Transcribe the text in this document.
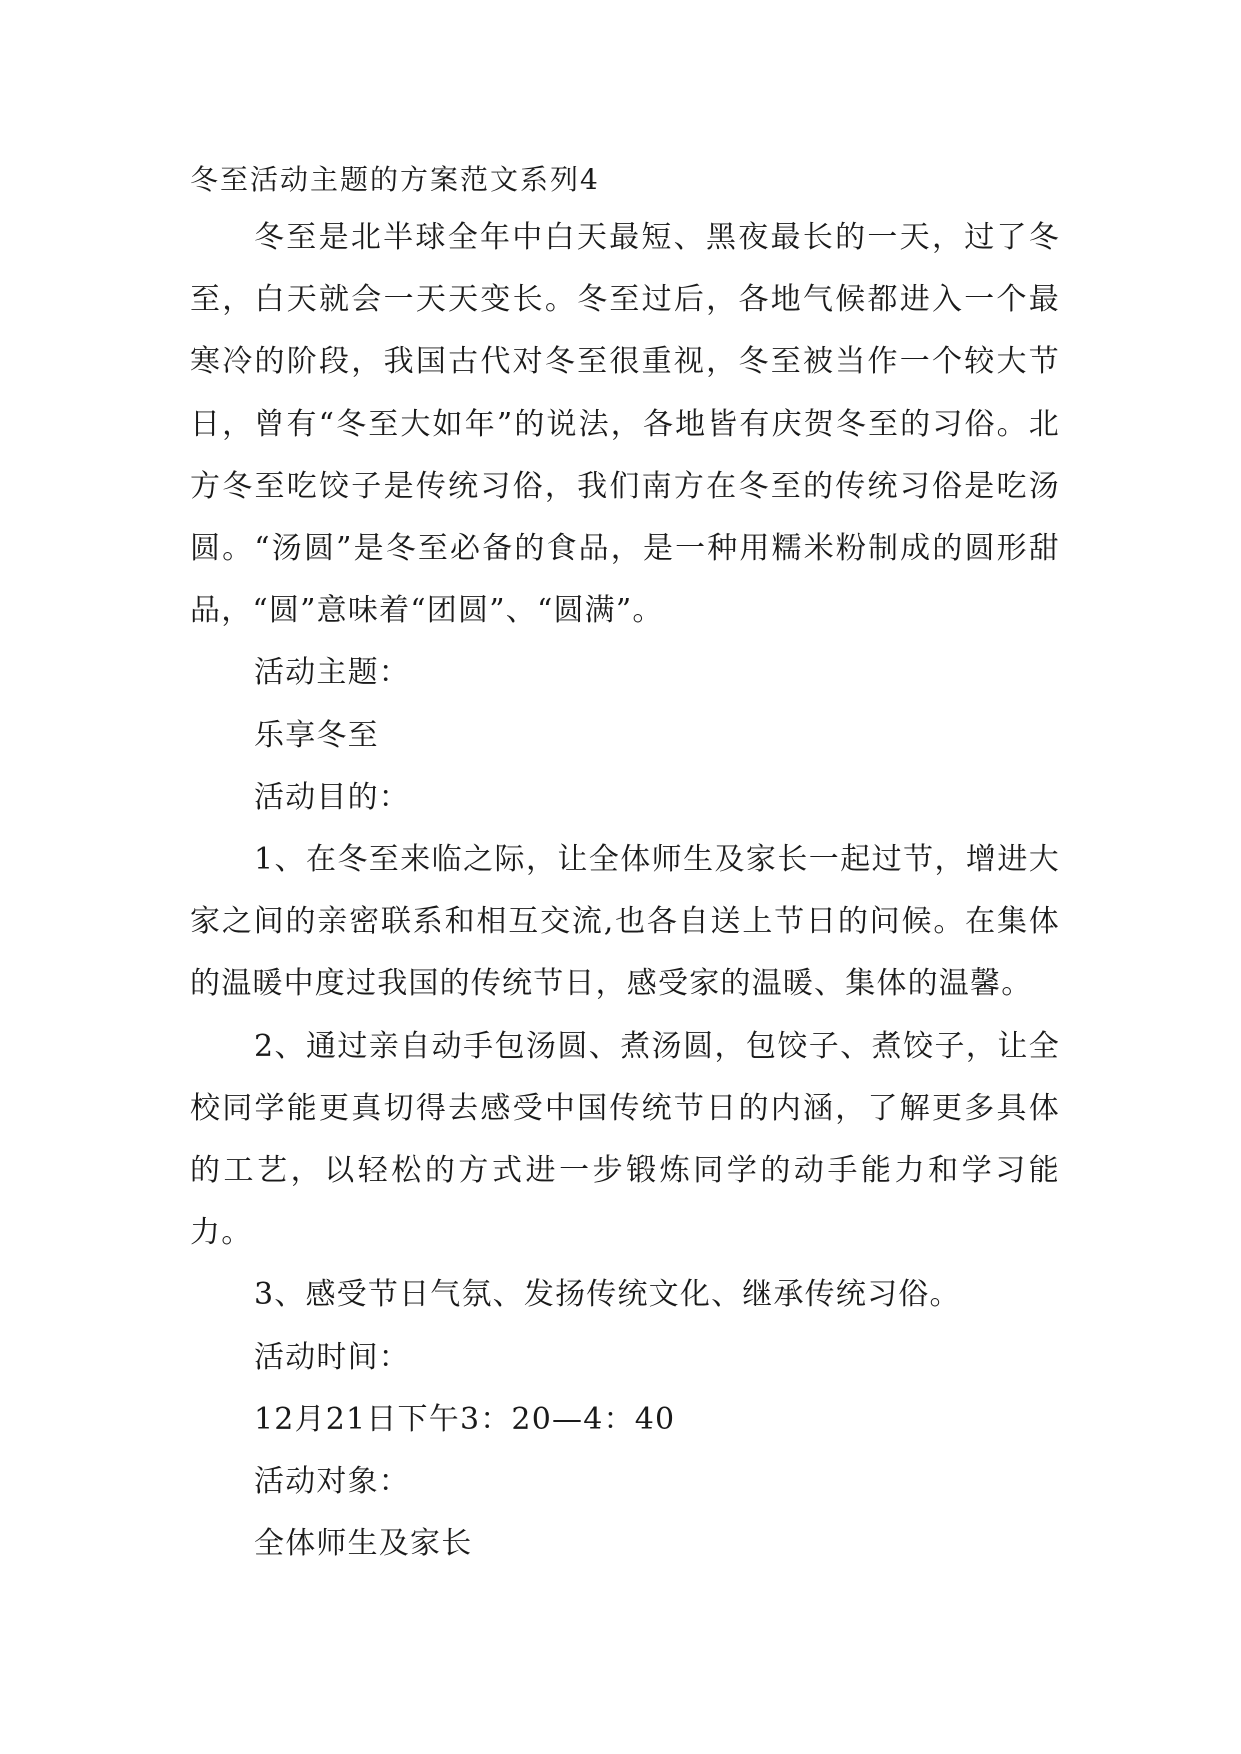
冬至活动主题的方案范文系列4

冬至是北半球全年中白天最短、黑夜最长的一天，过了冬至，白天就会一天天变长。冬至过后，各地气候都进入一个最寒冷的阶段，我国古代对冬至很重视，冬至被当作一个较大节日，曾有“冬至大如年”的说法，各地皆有庆贺冬至的习俗。北方冬至吃饺子是传统习俗，我们南方在冬至的传统习俗是吃汤圆。“汤圆”是冬至必备的食品，是一种用糯米粉制成的圆形甜品，“圆”意味着“团圆”、“圆满”。

活动主题：

乐享冬至

活动目的：

1、在冬至来临之际，让全体师生及家长一起过节，增进大家之间的亲密联系和相互交流,也各自送上节日的问候。在集体的温暖中度过我国的传统节日，感受家的温暖、集体的温馨。

2、通过亲自动手包汤圆、煮汤圆，包饺子、煮饺子，让全校同学能更真切得去感受中国传统节日的内涵，了解更多具体的工艺，以轻松的方式进一步锻炼同学的动手能力和学习能力。

3、感受节日气氛、发扬传统文化、继承传统习俗。

活动时间：

12月21日下午3：20—4：40

活动对象：

全体师生及家长
